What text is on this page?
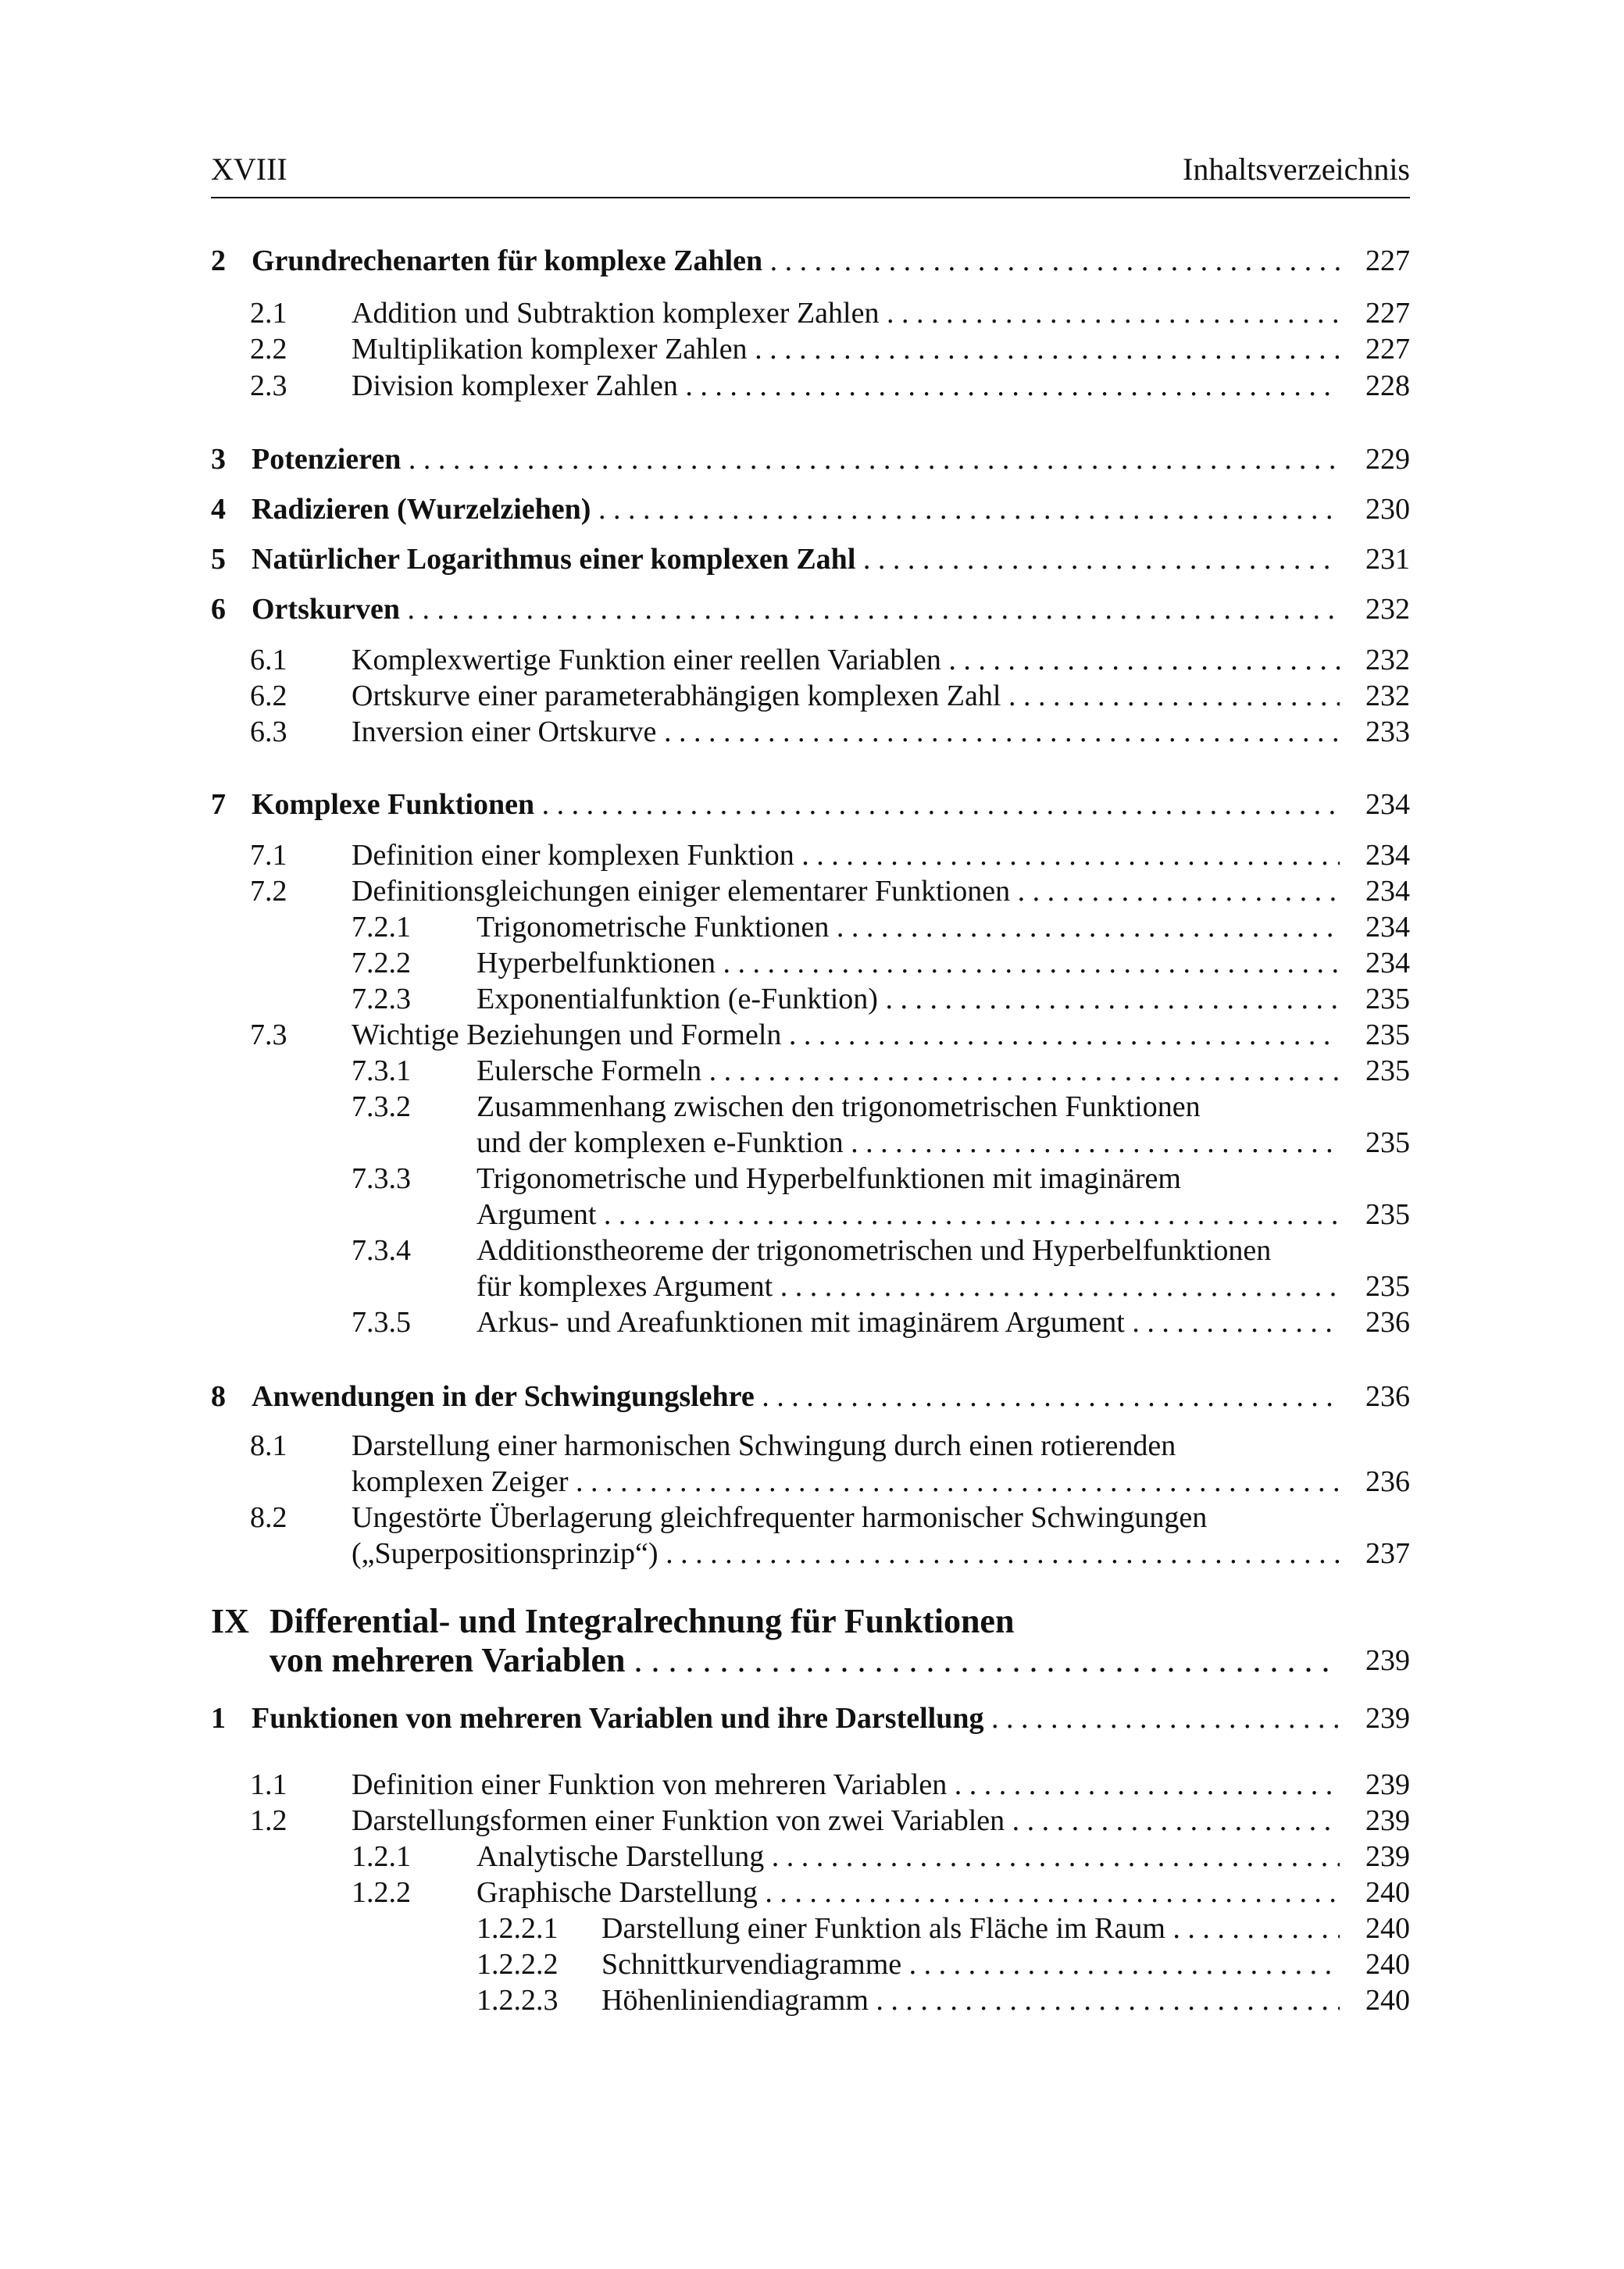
XVIII	Inhaltsverzeichnis
2 Grundrechenarten für komplexe Zahlen . . .	227
2.1 Addition und Subtraktion komplexer Zahlen . . .	227
2.2 Multiplikation komplexer Zahlen . . .	227
2.3 Division komplexer Zahlen . . .	228
3 Potenzieren . . .	229
4 Radizieren (Wurzelziehen) . . .	230
5 Natürlicher Logarithmus einer komplexen Zahl . . .	231
6 Ortskurven . . .	232
6.1 Komplexwertige Funktion einer reellen Variablen . . .	232
6.2 Ortskurve einer parameterabhängigen komplexen Zahl . . .	232
6.3 Inversion einer Ortskurve . . .	233
7 Komplexe Funktionen . . .	234
7.1 Definition einer komplexen Funktion . . .	234
7.2 Definitionsgleichungen einiger elementarer Funktionen . . .	234
7.2.1 Trigonometrische Funktionen . . .	234
7.2.2 Hyperbelfunktionen . . .	234
7.2.3 Exponentialfunktion (e-Funktion) . . .	235
7.3 Wichtige Beziehungen und Formeln . . .	235
7.3.1 Eulersche Formeln . . .	235
7.3.2 Zusammenhang zwischen den trigonometrischen Funktionen
und der komplexen e-Funktion . . .	235
7.3.3 Trigonometrische und Hyperbelfunktionen mit imaginärem
Argument . . .	235
7.3.4 Additionstheoreme der trigonometrischen und Hyperbelfunktionen
für komplexes Argument . . .	235
7.3.5 Arkus- und Areafunktionen mit imaginärem Argument . . .	236
8 Anwendungen in der Schwingungslehre . . .	236
8.1 Darstellung einer harmonischen Schwingung durch einen rotierenden
komplexen Zeiger . . .	236
8.2 Ungestörte Überlagerung gleichfrequenter harmonischer Schwingungen
(„Superpositionsprinzip“) . . .	237
IX Differential- und Integralrechnung für Funktionen
von mehreren Variablen . . .	239
1 Funktionen von mehreren Variablen und ihre Darstellung . . .	239
1.1 Definition einer Funktion von mehreren Variablen . . .	239
1.2 Darstellungsformen einer Funktion von zwei Variablen . . .	239
1.2.1 Analytische Darstellung . . .	239
1.2.2 Graphische Darstellung . . .	240
1.2.2.1 Darstellung einer Funktion als Fläche im Raum . . .	240
1.2.2.2 Schnittkurvendiagramme . . .	240
1.2.2.3 Höhenliniendiagramm . . .	240
